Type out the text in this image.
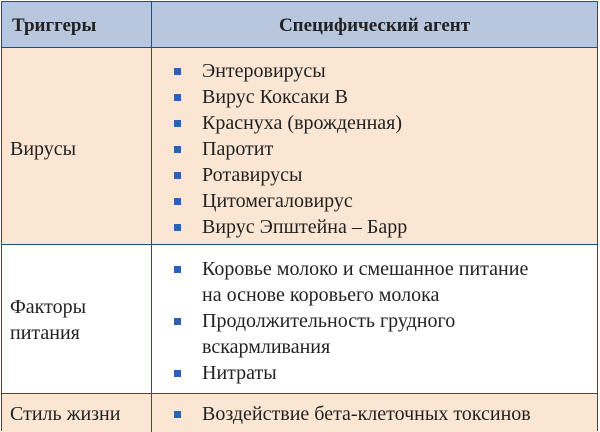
Триггеры	Специфический агент
Вирусы
Энтеровирусы
Вирус Коксаки В
Краснуха (врожденная)
Паротит
Ротавирусы
Цитомегаловирус
Вирус Эпштейна – Барр
Факторы
питания
Коровье молоко и смешанное питание
на основе коровьего молока
Продолжительность грудного
вскармливания
Нитраты
Стиль жизни	Воздействие бета-клеточных токсинов
